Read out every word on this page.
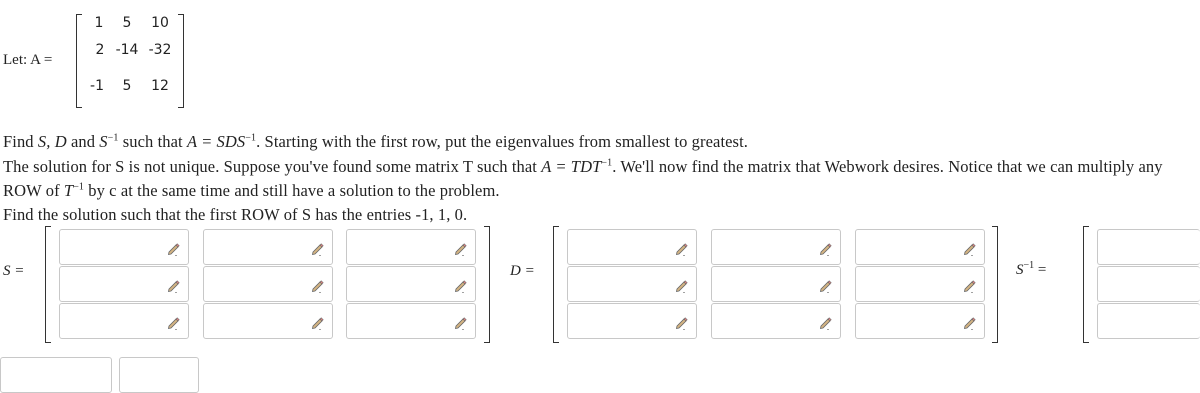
Let: A =
1	5	10
2 -14 -32
-1	5	12
Find S, D and $S^{-1}$ such that $A = SDS^{-1}$. Starting with the first row, put the eigenvalues from smallest to greatest.
The solution for S is not unique. Suppose you've found some matrix T such that $A = TDT^{-1}$. We'll now find the matrix that Webwork desires. Notice that we can multiply any
ROW of $T^{-1}$ by c at the same time and still have a solution to the problem.
Find the solution such that the first ROW of S has the entries -1, 1, 0.
S =	D =	$S^{-1}$ =
